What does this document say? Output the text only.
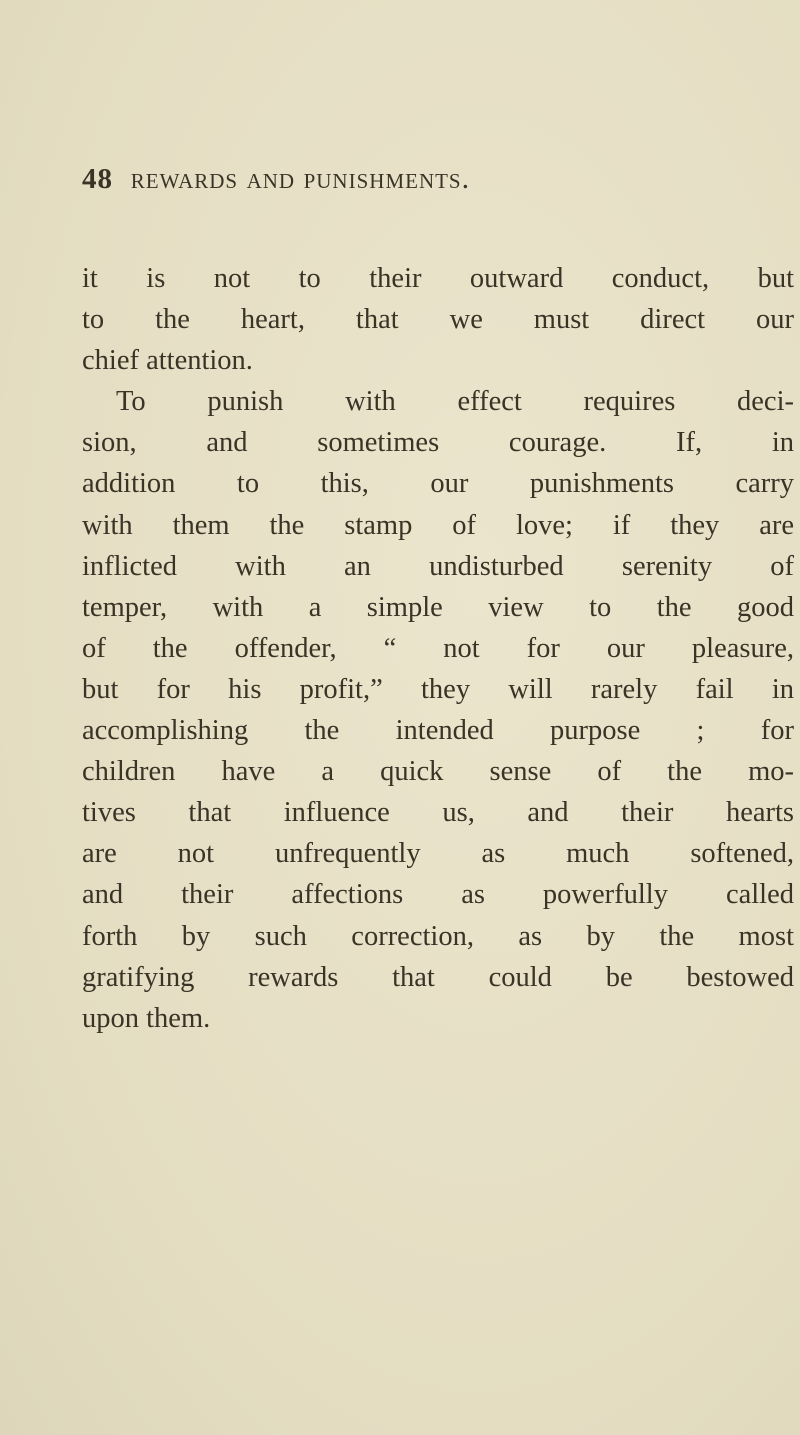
48 rewards and punishments.
it is not to their outward conduct, but
to the heart, that we must direct our
chief attention.
To punish with effect requires deci-
sion, and sometimes courage. If, in
addition to this, our punishments carry
with them the stamp of love; if they are
inflicted with an undisturbed serenity of
temper, with a simple view to the good
of the offender, “ not for our pleasure,
but for his profit,” they will rarely fail in
accomplishing the intended purpose ; for
children have a quick sense of the mo-
tives that influence us, and their hearts
are not unfrequently as much softened,
and their affections as powerfully called
forth by such correction, as by the most
gratifying rewards that could be bestowed
upon them.
